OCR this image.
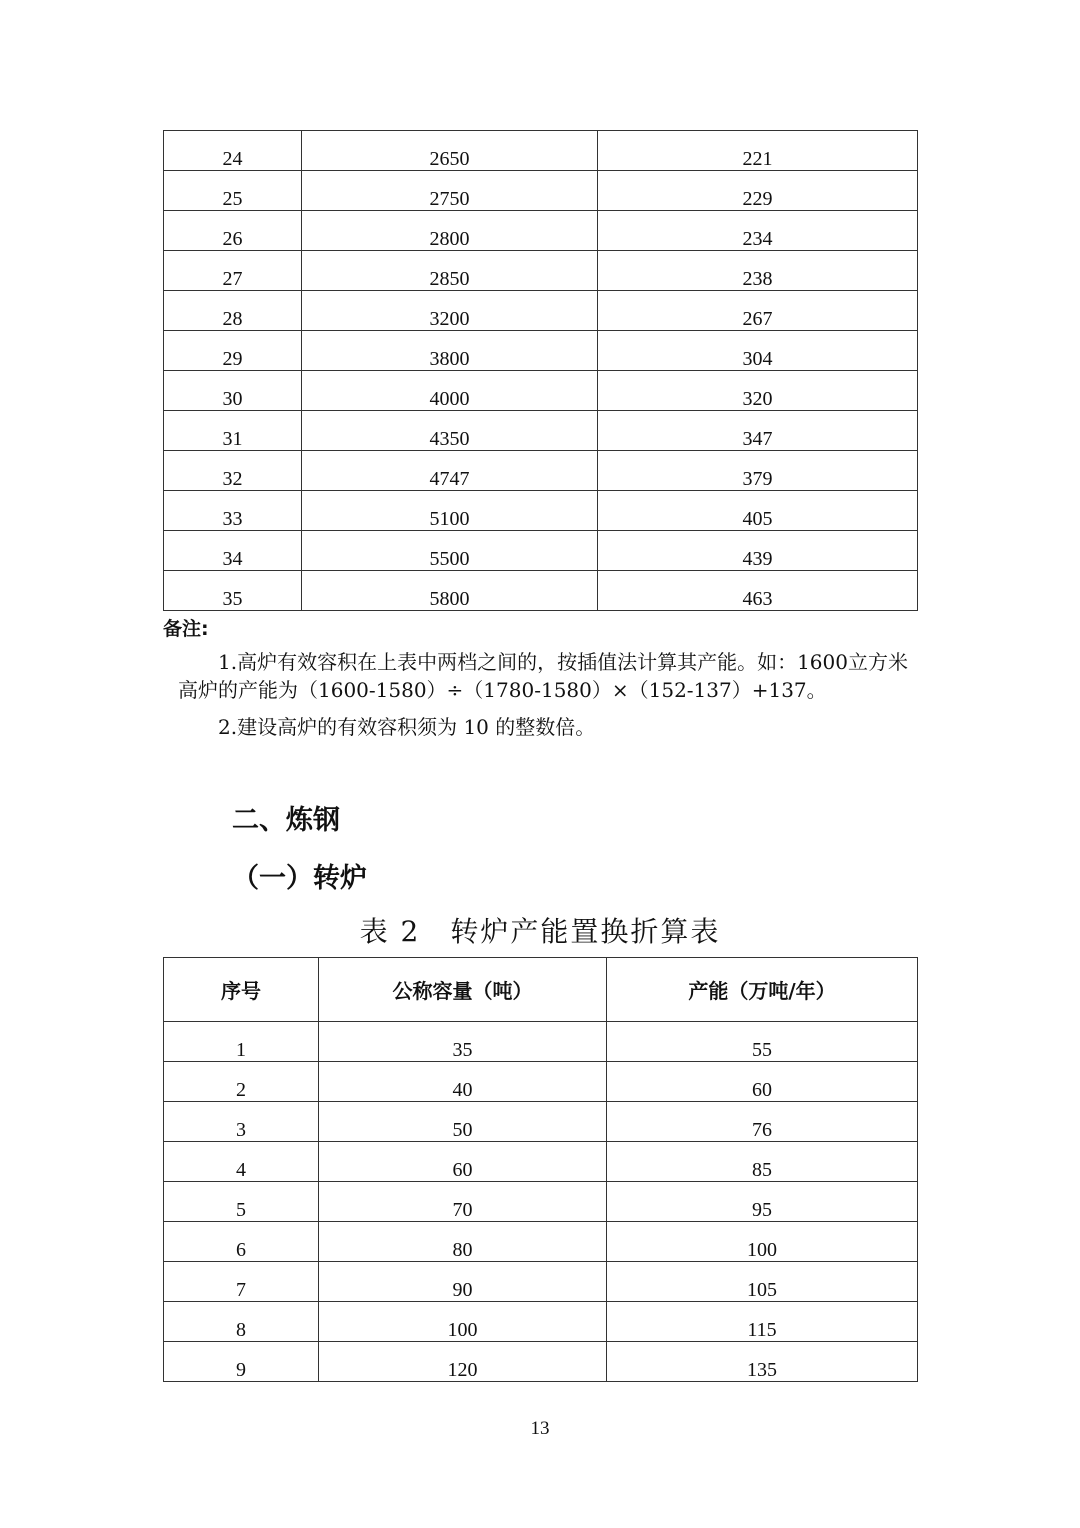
24	2650	221
25	2750	229
26	2800	234
27	2850	238
28	3200	267
29	3800	304
30	4000	320
31	4350	347
32	4747	379
33	5100	405
34	5500	439
35	5800	463
备注:
1.高炉有效容积在上表中两档之间的，按插值法计算其产能。如：1600立方米高炉的产能为（1600-1580）÷（1780-1580）×（152-137）+137。
2.建设高炉的有效容积须为 10 的整数倍。
二、炼钢
（一）转炉
表 2　转炉产能置换折算表
序号	公称容量（吨）	产能（万吨/年）
1	35	55
2	40	60
3	50	76
4	60	85
5	70	95
6	80	100
7	90	105
8	100	115
9	120	135
13
